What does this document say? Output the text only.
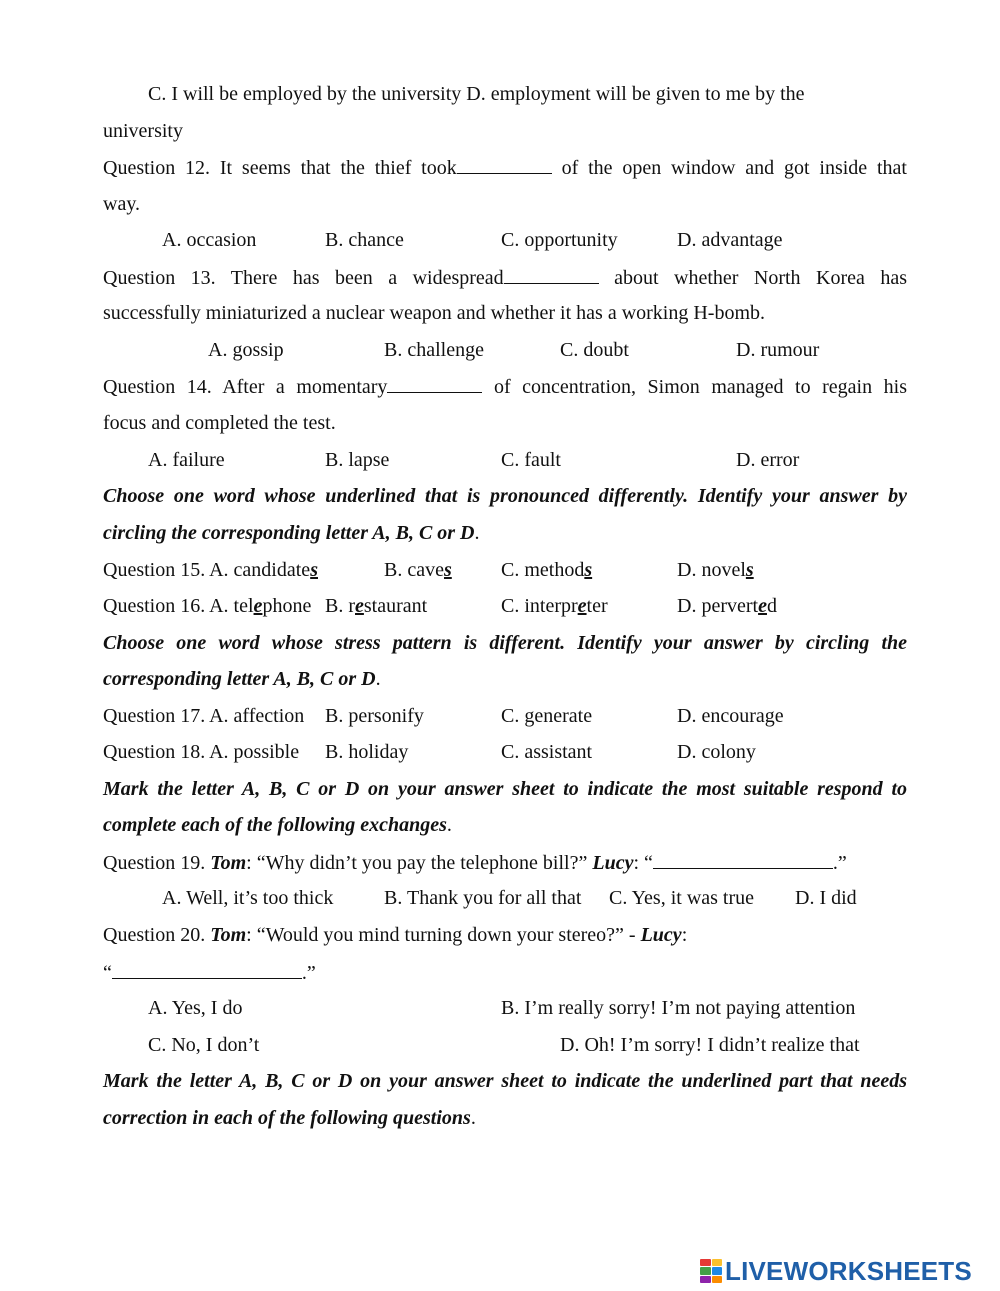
C. I will be employed by the university D. employment will be given to me by the
university
Question 12. It seems that the thief took	of the open window and got inside that
way.
A. occasion	B. chance	C. opportunity	D. advantage
Question 13. There has been a widespread	about whether North Korea has
successfully miniaturized a nuclear weapon and whether it has a working H-bomb.
A. gossip	B. challenge	C. doubt	D. rumour
Question 14. After a momentary	of concentration, Simon managed to regain his
focus and completed the test.
A. failure	B. lapse	C. fault	D. error
Choose one word whose underlined that is pronounced differently. Identify your answer by
circling the corresponding letter A, B, C or D.
Question 15. A. candidates	B. caves C. methods	D. novels
Question 16. A. telephone B. restaurant	C. interpreter	D. perverted
Choose one word whose stress pattern is different. Identify your answer by circling the
corresponding letter A, B, C or D.
Question 17. A. affection B. personify	C. generate	D. encourage
Question 18. A. possible B. holiday	C. assistant	D. colony
Mark the letter A, B, C or D on your answer sheet to indicate the most suitable respond to
complete each of the following exchanges.
Question 19. Tom: “Why didn’t you pay the telephone bill?” Lucy: “	.”
A. Well, it’s too thick	B. Thank you for all that C. Yes, it was true D. I did
Question 20. Tom: “Would you mind turning down your stereo?” - Lucy:
“	.”
A. Yes, I do	B. I’m really sorry! I’m not paying attention
C. No, I don’t	D. Oh! I’m sorry! I didn’t realize that
Mark the letter A, B, C or D on your answer sheet to indicate the underlined part that needs
correction in each of the following questions.
LIVEWORKSHEETS
